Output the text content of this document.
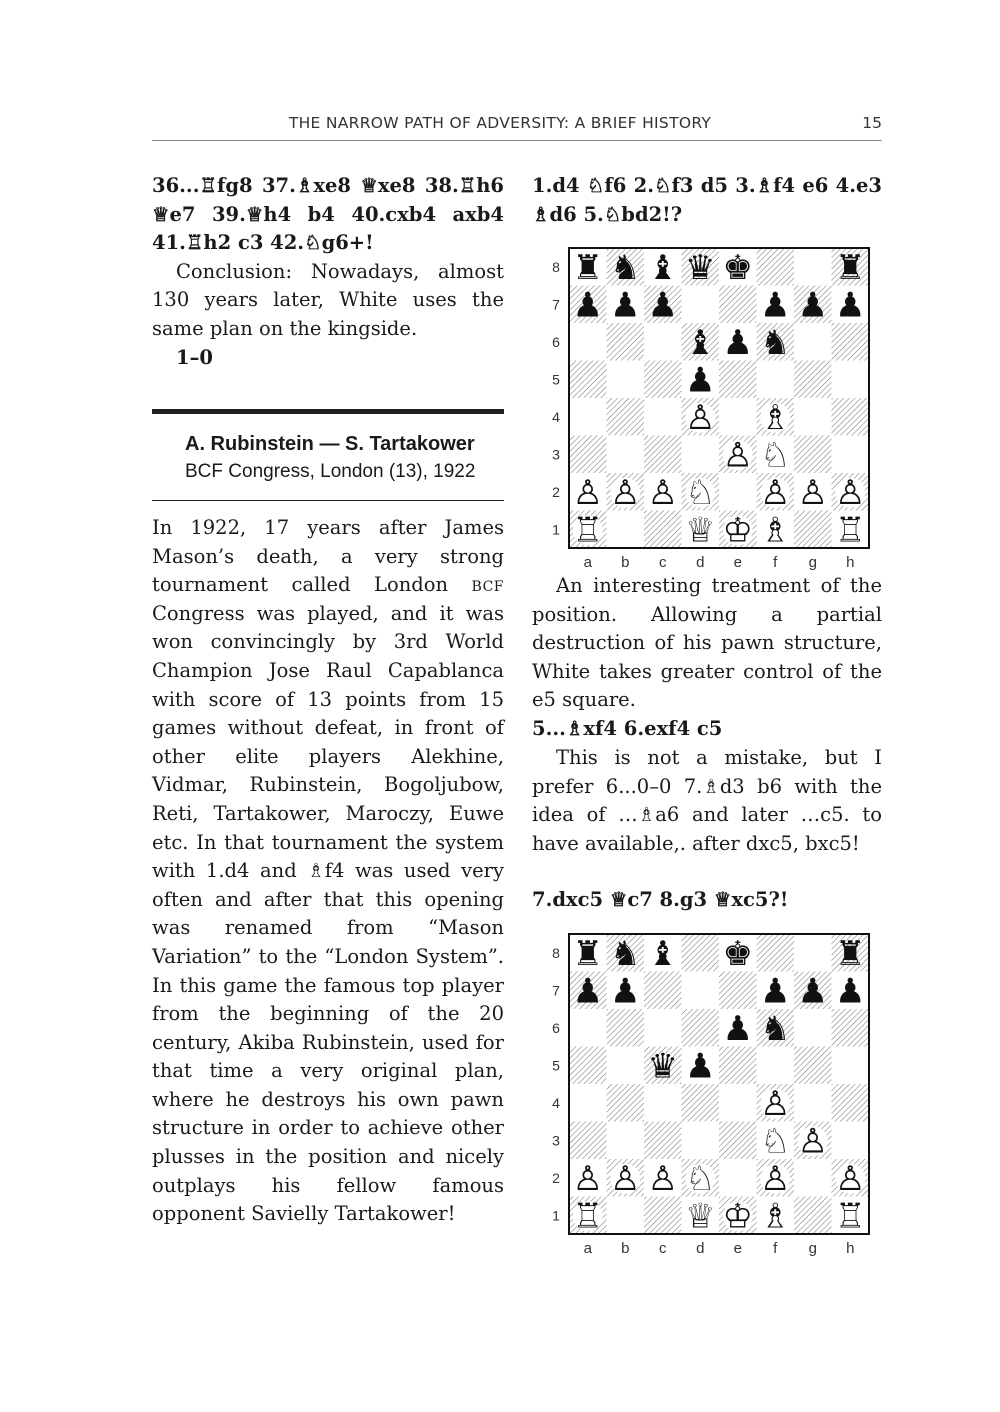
THE NARROW PATH OF ADVERSITY: A BRIEF HISTORY	15
36...♖fg8 37.♗xe8 ♕xe8 38.♖h6 ♕e7 39.♕h4 b4 40.cxb4 axb4 41.♖h2 c3 42.♘g6+!
Conclusion: Nowadays, almost 130 years later, White uses the same plan on the kingside.
1–0
A. Rubinstein — S. Tartakower
BCF Congress, London (13), 1922
In 1922, 17 years after James Mason’s death, a very strong tournament called London bcf Congress was played, and it was won convincingly by 3rd World Champion Jose Raul Capablanca with score of 13 points from 15 games without defeat, in front of other elite players Alekhine, Vidmar, Rubinstein, Bogoljubow, Reti, Tartakower, Maroczy, Euwe etc. In that tournament the system with 1.d4 and ♗f4 was used very often and after that this opening was renamed from “Mason Variation” to the “London System”. In this game the famous top player from the beginning of the 20 century, Akiba Rubinstein, used for that time a very original plan, where he destroys his own pawn structure in order to achieve other plusses in the position and nicely outplays his fellow famous opponent Savielly Tartakower!
1.d4 ♘f6 2.♘f3 d5 3.♗f4 e6 4.e3 ♗d6 5.♘bd2!?
♜ ♞ ♝ ♛ ♚ ♜
♟ ♟ ♟ ♟ ♟ ♟
♝ ♟ ♞
♟
♙ ♗
♙ ♘
♙ ♙ ♙ ♘ ♙ ♙ ♙
♖ ♕ ♔ ♗ ♖
8
7
6
5
4
3
2
1
a b c d e f g h
An interesting treatment of the position. Allowing a partial destruction of his pawn structure, White takes greater control of the e5 square.
5...♗xf4 6.exf4 c5
This is not a mistake, but I prefer 6...0–0 7.♗d3 b6 with the idea of …♗a6 and later …c5. to have available,. after dxc5, bxc5!
7.dxc5 ♕c7 8.g3 ♕xc5?!
♜ ♞ ♝ ♚ ♜
♟ ♟	♟ ♟ ♟
♟ ♞
♛ ♟
♙
♘ ♙
♙ ♙ ♙ ♘ ♙ ♙
♖ ♕ ♔ ♗ ♖
8
7
6
5
4
3
2
1
a b c d e f g h
